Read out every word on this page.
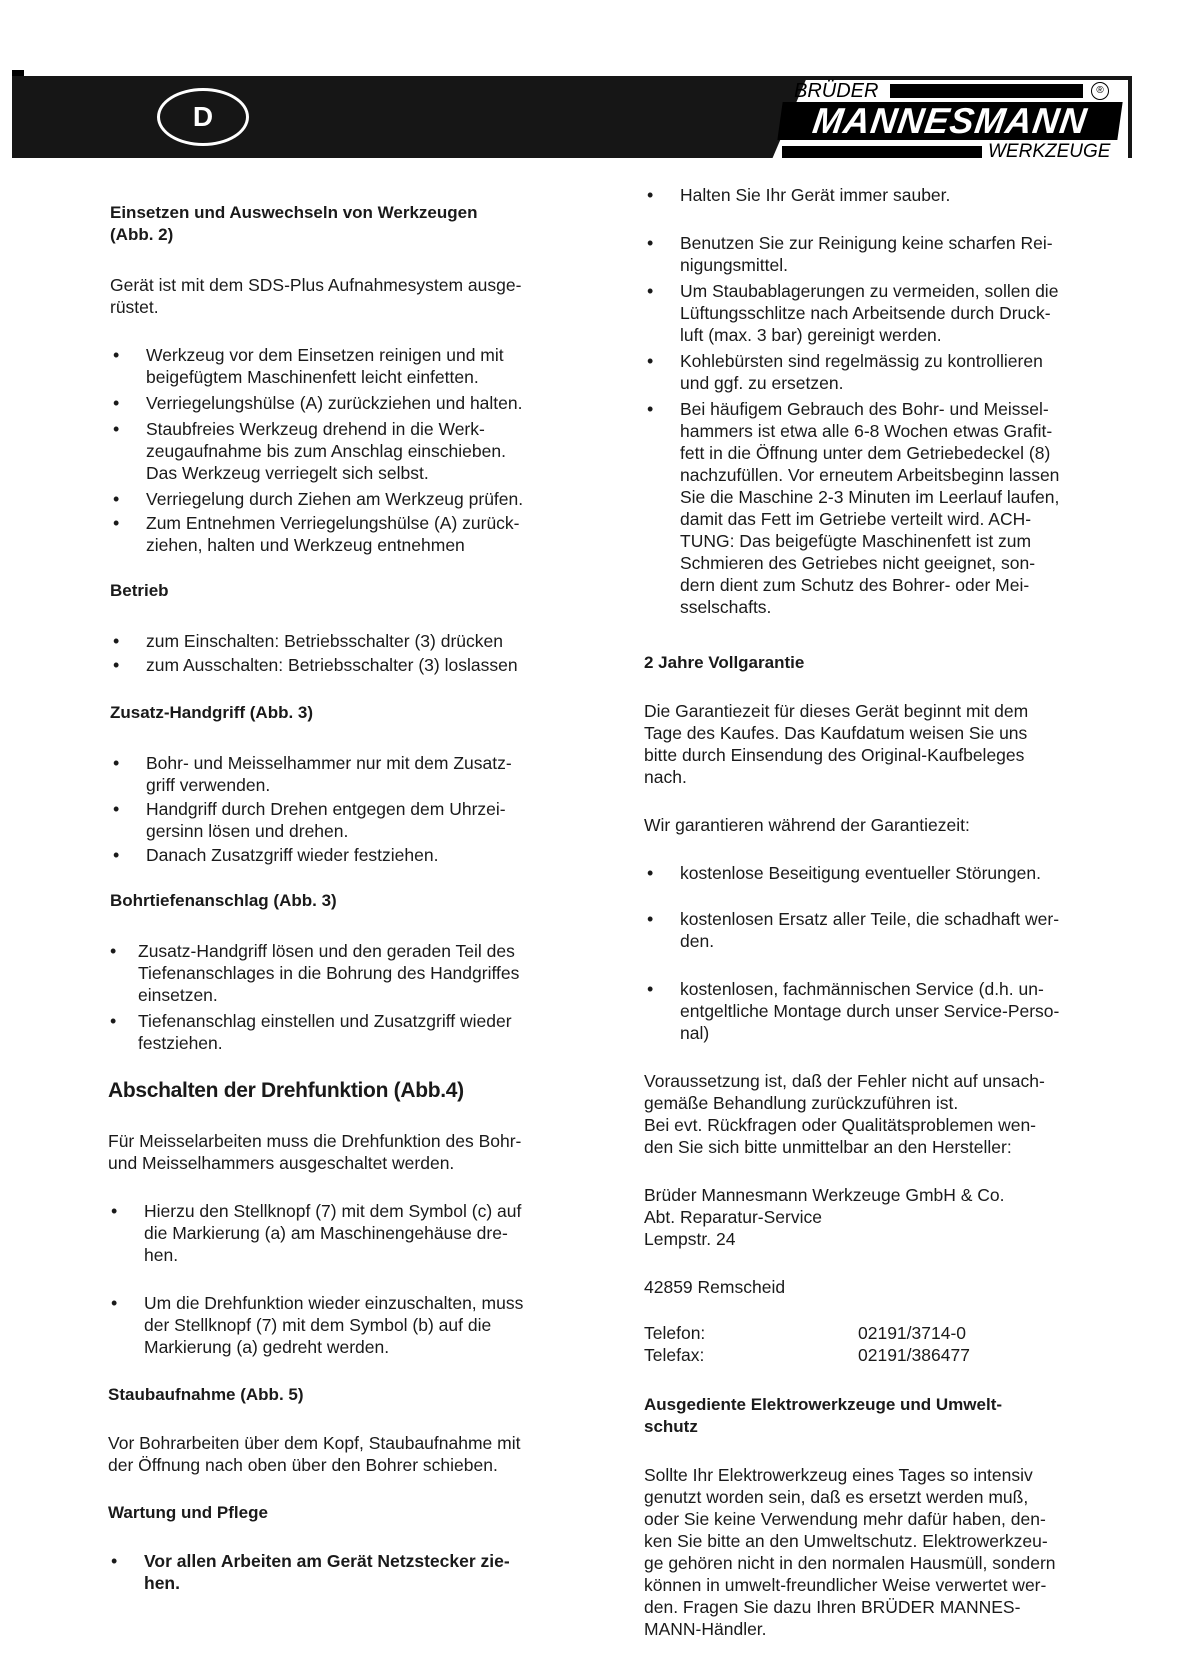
D
BRÜDER	®
MANNESMANN
WERKZEUGE

Einsetzen und Auswechseln von Werkzeugen

(Abb. 2)

Gerät ist mit dem SDS-Plus Aufnahmesystem ausge-

rüstet.

• Werkzeug vor dem Einsetzen reinigen und mit

beigefügtem Maschinenfett leicht einfetten.

• Verriegelungshülse (A) zurückziehen und halten.

• Staubfreies Werkzeug drehend in die Werk-

zeugaufnahme bis zum Anschlag einschieben.

Das Werkzeug verriegelt sich selbst.

• Verriegelung durch Ziehen am Werkzeug prüfen.

• Zum Entnehmen Verriegelungshülse (A) zurück-

ziehen, halten und Werkzeug entnehmen

Betrieb

• zum Einschalten: Betriebsschalter (3) drücken

• zum Ausschalten: Betriebsschalter (3) loslassen

Zusatz-Handgriff (Abb. 3)

• Bohr- und Meisselhammer nur mit dem Zusatz-

griff verwenden.

• Handgriff durch Drehen entgegen dem Uhrzei-

gersinn lösen und drehen.

• Danach Zusatzgriff wieder festziehen.

Bohrtiefenanschlag (Abb. 3)

• Zusatz-Handgriff lösen und den geraden Teil des

Tiefenanschlages in die Bohrung des Handgriffes

einsetzen.

• Tiefenanschlag einstellen und Zusatzgriff wieder

festziehen.

Abschalten der Drehfunktion (Abb.4)

Für Meisselarbeiten muss die Drehfunktion des Bohr-

und Meisselhammers ausgeschaltet werden.

• Hierzu den Stellknopf (7) mit dem Symbol (c) auf

die Markierung (a) am Maschinengehäuse dre-

hen.

• Um die Drehfunktion wieder einzuschalten, muss

der Stellknopf (7) mit dem Symbol (b) auf die

Markierung (a) gedreht werden.

Staubaufnahme (Abb. 5)

Vor Bohrarbeiten über dem Kopf, Staubaufnahme mit

der Öffnung nach oben über den Bohrer schieben.

Wartung und Pflege

• Vor allen Arbeiten am Gerät Netzstecker zie-

hen.

• Halten Sie Ihr Gerät immer sauber.

• Benutzen Sie zur Reinigung keine scharfen Rei-

nigungsmittel.

• Um Staubablagerungen zu vermeiden, sollen die

Lüftungsschlitze nach Arbeitsende durch Druck-

luft (max. 3 bar) gereinigt werden.

• Kohlebürsten sind regelmässig zu kontrollieren

und ggf. zu ersetzen.

• Bei häufigem Gebrauch des Bohr- und Meissel-

hammers ist etwa alle 6-8 Wochen etwas Grafit-

fett in die Öffnung unter dem Getriebedeckel (8)

nachzufüllen. Vor erneutem Arbeitsbeginn lassen

Sie die Maschine 2-3 Minuten im Leerlauf laufen,

damit das Fett im Getriebe verteilt wird. ACH-

TUNG: Das beigefügte Maschinenfett ist zum

Schmieren des Getriebes nicht geeignet, son-

dern dient zum Schutz des Bohrer- oder Mei-

sselschafts.

2 Jahre Vollgarantie

Die Garantiezeit für dieses Gerät beginnt mit dem

Tage des Kaufes. Das Kaufdatum weisen Sie uns

bitte durch Einsendung des Original-Kaufbeleges

nach.

Wir garantieren während der Garantiezeit:

• kostenlose Beseitigung eventueller Störungen.

• kostenlosen Ersatz aller Teile, die schadhaft wer-

den.

• kostenlosen, fachmännischen Service (d.h. un-

entgeltliche Montage durch unser Service-Perso-

nal)

Voraussetzung ist, daß der Fehler nicht auf unsach-

gemäße Behandlung zurückzuführen ist.

Bei evt. Rückfragen oder Qualitätsproblemen wen-

den Sie sich bitte unmittelbar an den Hersteller:

Brüder Mannesmann Werkzeuge GmbH & Co.

Abt. Reparatur-Service

Lempstr. 24

42859 Remscheid

Telefon:	02191/3714-0

Telefax:	02191/386477

Ausgediente Elektrowerkzeuge und Umwelt-

schutz

Sollte Ihr Elektrowerkzeug eines Tages so intensiv

genutzt worden sein, daß es ersetzt werden muß,

oder Sie keine Verwendung mehr dafür haben, den-

ken Sie bitte an den Umweltschutz. Elektrowerkzeu-

ge gehören nicht in den normalen Hausmüll, sondern

können in umwelt-freundlicher Weise verwertet wer-

den. Fragen Sie dazu Ihren BRÜDER MANNES-

MANN-Händler.
